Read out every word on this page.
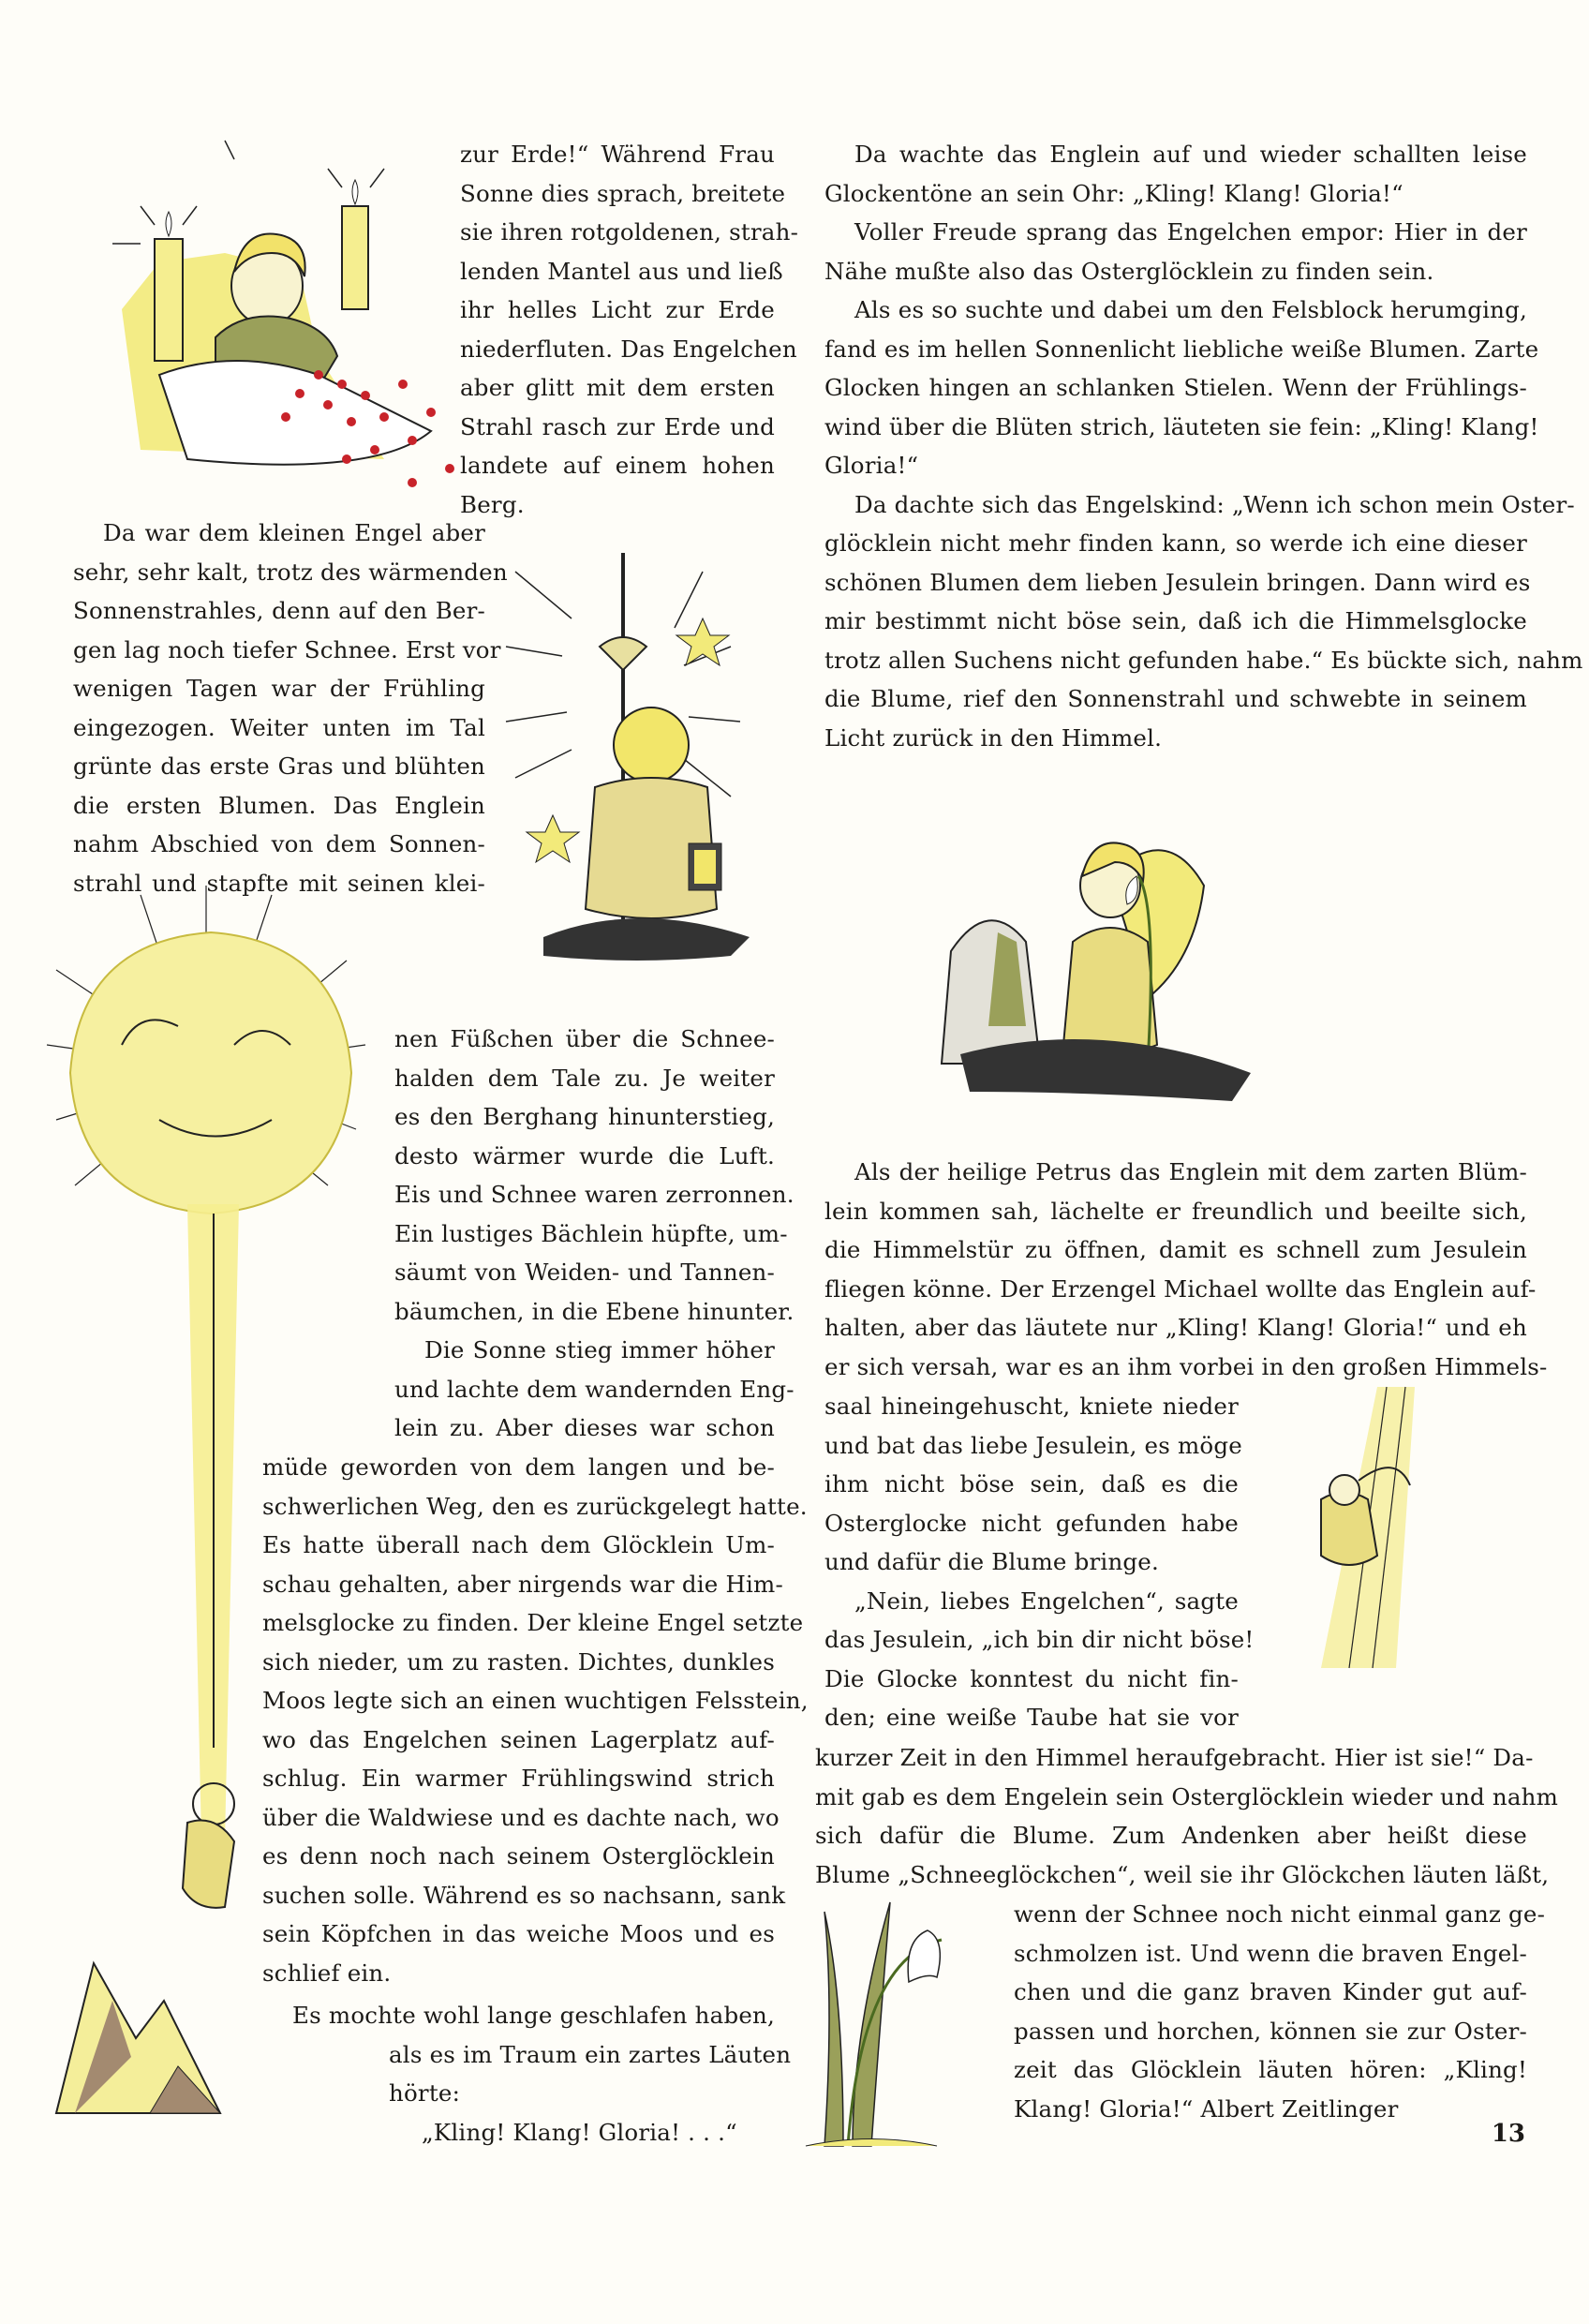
zur Erde!“ Während Frau
Sonne dies sprach, breitete
sie ihren rotgoldenen, strah-
lenden Mantel aus und ließ
ihr helles Licht zur Erde
niederfluten. Das Engelchen
aber glitt mit dem ersten
Strahl rasch zur Erde und
landete auf einem hohen
Berg.
Da war dem kleinen Engel aber
sehr, sehr kalt, trotz des wärmenden
Sonnenstrahles, denn auf den Ber-
gen lag noch tiefer Schnee. Erst vor
wenigen Tagen war der Frühling
eingezogen. Weiter unten im Tal
grünte das erste Gras und blühten
die ersten Blumen. Das Englein
nahm Abschied von dem Sonnen-
strahl und stapfte mit seinen klei-
nen Füßchen über die Schnee-
halden dem Tale zu. Je weiter
es den Berghang hinunterstieg,
desto wärmer wurde die Luft.
Eis und Schnee waren zerronnen.
Ein lustiges Bächlein hüpfte, um-
säumt von Weiden- und Tannen-
bäumchen, in die Ebene hinunter.
Die Sonne stieg immer höher
und lachte dem wandernden Eng-
lein zu. Aber dieses war schon
müde geworden von dem langen und be-
schwerlichen Weg, den es zurückgelegt hatte.
Es hatte überall nach dem Glöcklein Um-
schau gehalten, aber nirgends war die Him-
melsglocke zu finden. Der kleine Engel setzte
sich nieder, um zu rasten. Dichtes, dunkles
Moos legte sich an einen wuchtigen Felsstein,
wo das Engelchen seinen Lagerplatz auf-
schlug. Ein warmer Frühlingswind strich
über die Waldwiese und es dachte nach, wo
es denn noch nach seinem Osterglöcklein
suchen solle. Während es so nachsann, sank
sein Köpfchen in das weiche Moos und es
schlief ein.
Es mochte wohl lange geschlafen haben,
als es im Traum ein zartes Läuten
hörte:
„Kling! Klang! Gloria! . . .“
Da wachte das Englein auf und wieder schallten leise
Glockentöne an sein Ohr: „Kling! Klang! Gloria!“
Voller Freude sprang das Engelchen empor: Hier in der
Nähe mußte also das Osterglöcklein zu finden sein.
Als es so suchte und dabei um den Felsblock herumging,
fand es im hellen Sonnenlicht liebliche weiße Blumen. Zarte
Glocken hingen an schlanken Stielen. Wenn der Frühlings-
wind über die Blüten strich, läuteten sie fein: „Kling! Klang!
Gloria!“
Da dachte sich das Engelskind: „Wenn ich schon mein Oster-
glöcklein nicht mehr finden kann, so werde ich eine dieser
schönen Blumen dem lieben Jesulein bringen. Dann wird es
mir bestimmt nicht böse sein, daß ich die Himmelsglocke
trotz allen Suchens nicht gefunden habe.“ Es bückte sich, nahm
die Blume, rief den Sonnenstrahl und schwebte in seinem
Licht zurück in den Himmel.
Als der heilige Petrus das Englein mit dem zarten Blüm-
lein kommen sah, lächelte er freundlich und beeilte sich,
die Himmelstür zu öffnen, damit es schnell zum Jesulein
fliegen könne. Der Erzengel Michael wollte das Englein auf-
halten, aber das läutete nur „Kling! Klang! Gloria!“ und eh
er sich versah, war es an ihm vorbei in den großen Himmels-
saal hineingehuscht, kniete nieder
und bat das liebe Jesulein, es möge
ihm nicht böse sein, daß es die
Osterglocke nicht gefunden habe
und dafür die Blume bringe.
„Nein, liebes Engelchen“, sagte
das Jesulein, „ich bin dir nicht böse!
Die Glocke konntest du nicht fin-
den; eine weiße Taube hat sie vor
kurzer Zeit in den Himmel heraufgebracht. Hier ist sie!“ Da-
mit gab es dem Engelein sein Osterglöcklein wieder und nahm
sich dafür die Blume. Zum Andenken aber heißt diese
Blume „Schneeglöckchen“, weil sie ihr Glöckchen läuten läßt,
wenn der Schnee noch nicht einmal ganz ge-
schmolzen ist. Und wenn die braven Engel-
chen und die ganz braven Kinder gut auf-
passen und horchen, können sie zur Oster-
zeit das Glöcklein läuten hören: „Kling!
Klang! Gloria!“ Albert Zeitlinger
13
